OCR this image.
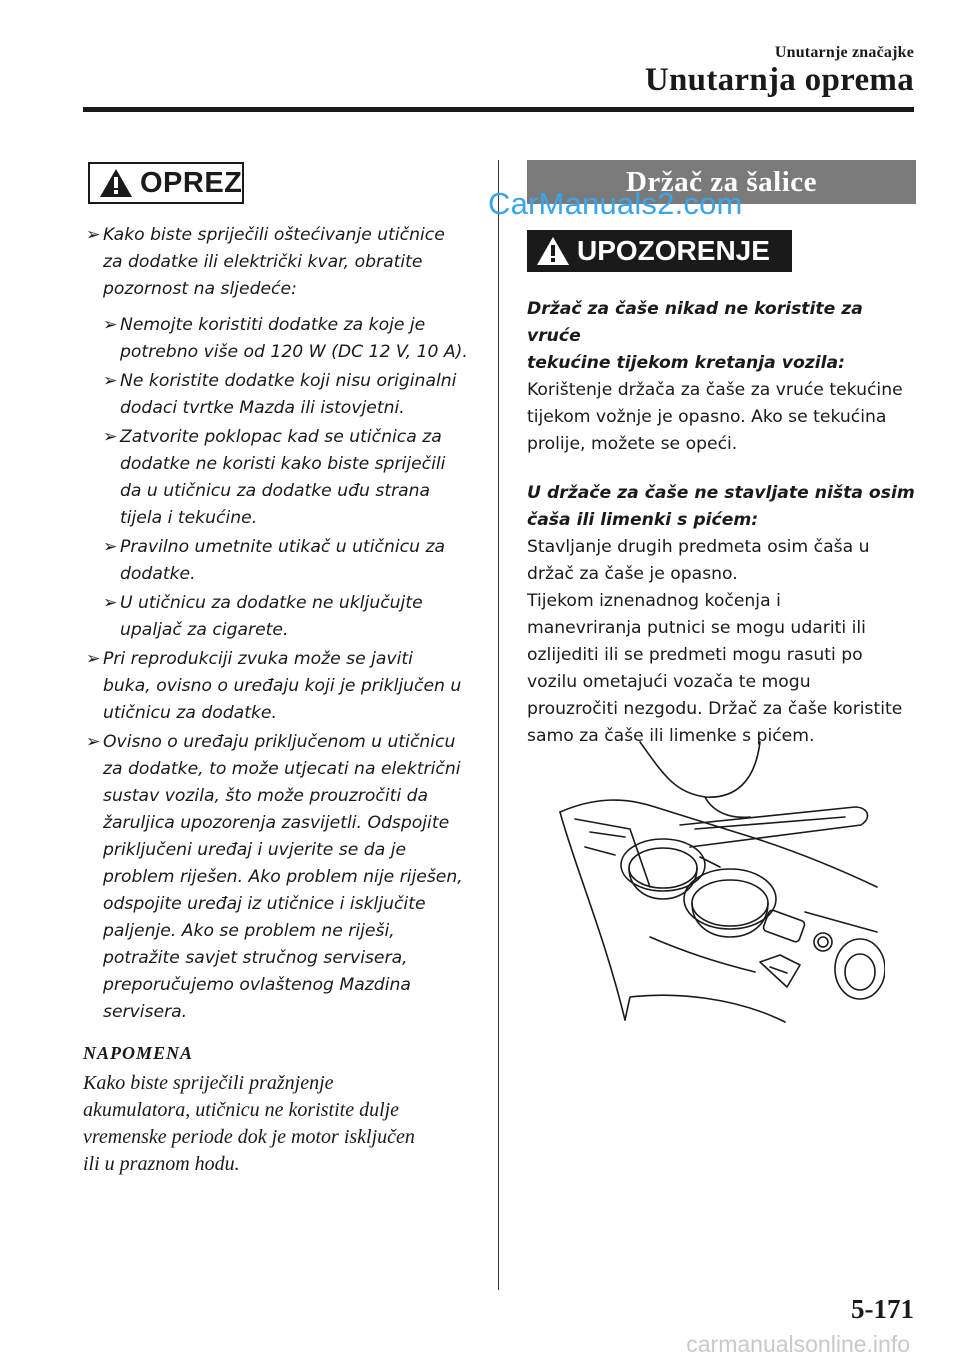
Unutarnje značajke
Unutarnja oprema
OPREZ
➢ Kako biste spriječili oštećivanje utičnice
za dodatke ili električki kvar, obratite
pozornost na sljedeće:
➢ Nemojte koristiti dodatke za koje je
potrebno više od 120 W (DC 12 V, 10 A).
➢ Ne koristite dodatke koji nisu originalni
dodaci tvrtke Mazda ili istovjetni.
➢ Zatvorite poklopac kad se utičnica za
dodatke ne koristi kako biste spriječili
da u utičnicu za dodatke uđu strana
tijela i tekućine.
➢ Pravilno umetnite utikač u utičnicu za
dodatke.
➢ U utičnicu za dodatke ne uključujte
upaljač za cigarete.
➢ Pri reprodukciji zvuka može se javiti
buka, ovisno o uređaju koji je priključen u
utičnicu za dodatke.
➢ Ovisno o uređaju priključenom u utičnicu
za dodatke, to može utjecati na električni
sustav vozila, što može prouzročiti da
žaruljica upozorenja zasvijetli. Odspojite
priključeni uređaj i uvjerite se da je
problem riješen. Ako problem nije riješen,
odspojite uređaj iz utičnice i isključite
paljenje. Ako se problem ne riješi,
potražite savjet stručnog servisera,
preporučujemo ovlaštenog Mazdina
servisera.
NAPOMENA
Kako biste spriječili pražnjenje
akumulatora, utičnicu ne koristite dulje
vremenske periode dok je motor isključen
ili u praznom hodu.
Držač za šalice
CarManuals2.com
UPOZORENJE
Držač za čaše nikad ne koristite za vruće
tekućine tijekom kretanja vozila:
Korištenje držača za čaše za vruće tekućine
tijekom vožnje je opasno. Ako se tekućina
prolije, možete se opeći.
U držače za čaše ne stavljate ništa osim
čaša ili limenki s pićem:
Stavljanje drugih predmeta osim čaša u
držač za čaše je opasno.
Tijekom iznenadnog kočenja i
manevriranja putnici se mogu udariti ili
ozlijediti ili se predmeti mogu rasuti po
vozilu ometajući vozača te mogu
prouzročiti nezgodu. Držač za čaše koristite
samo za čaše ili limenke s pićem.
5-171
carmanualsonline.info
